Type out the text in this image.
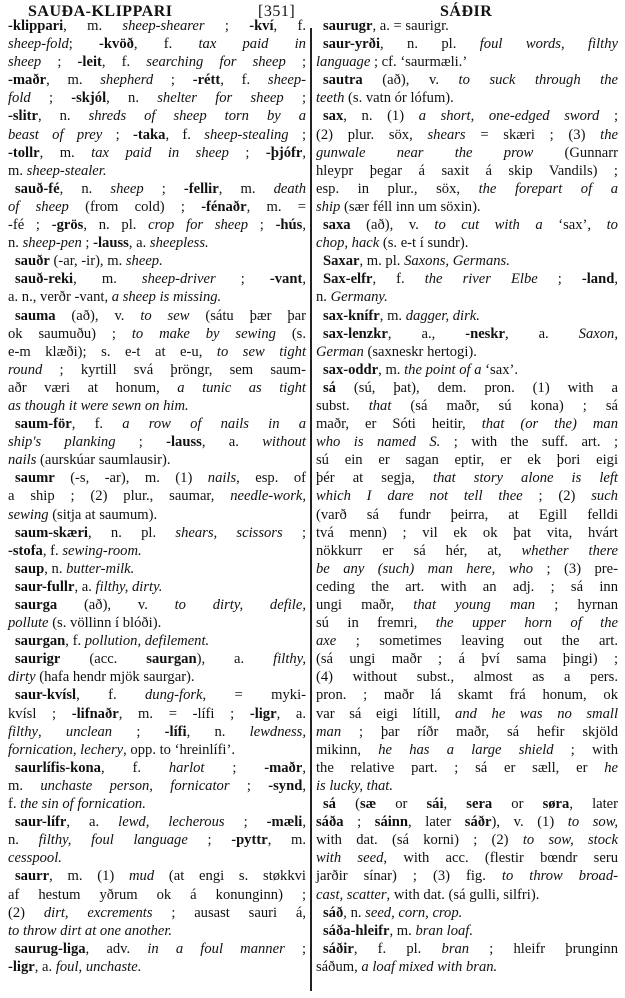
SAUÐA-KLIPPARI	[351]	SÁÐIR
-klippari, m. sheep-shearer ; -kví, f.
sheep-fold; -kvöð, f. tax paid in
sheep ; -leit, f. searching for sheep ;
-maðr, m. shepherd ; -rétt, f. sheep-
fold ; -skjól, n. shelter for sheep ;
-slitr, n. shreds of sheep torn by a
beast of prey ; -taka, f. sheep-stealing ;
-tollr, m. tax paid in sheep ; -þjófr,
m. sheep-stealer.
sauð-fé, n. sheep ; -fellir, m. death
of sheep (from cold) ; -fénaðr, m. =
-fé ; -grös, n. pl. crop for sheep ; -hús,
n. sheep-pen ; -lauss, a. sheepless.
sauðr (-ar, -ir), m. sheep.
sauð-reki, m. sheep-driver ; -vant,
a. n., verðr -vant, a sheep is missing.
sauma (að), v. to sew (sátu þær þar
ok saumuðu) ; to make by sewing (s.
e-m klæði); s. e-t at e-u, to sew tight
round ; kyrtill svá þröngr, sem saum-
aðr væri at honum, a tunic as tight
as though it were sewn on him.
saum-för, f. a row of nails in a
ship's planking ; -lauss, a. without
nails (aurskúar saumlausir).
saumr (-s, -ar), m. (1) nails, esp. of
a ship ; (2) plur., saumar, needle-work,
sewing (sitja at saumum).
saum-skæri, n. pl. shears, scissors ;
-stofa, f. sewing-room.
saup, n. butter-milk.
saur-fullr, a. filthy, dirty.
saurga (að), v. to dirty, defile,
pollute (s. völlinn í blóði).
saurgan, f. pollution, defilement.
saurigr (acc. saurgan), a. filthy,
dirty (hafa hendr mjök saurgar).
saur-kvísl, f. dung-fork, = myki-
kvísl ; -lifnaðr, m. = -lífi ; -ligr, a.
filthy, unclean ; -lífi, n. lewdness,
fornication, lechery, opp. to ‘hreinlífi’.
saurlífis-kona, f. harlot ; -maðr,
m. unchaste person, fornicator ; -synd,
f. the sin of fornication.
saur-lífr, a. lewd, lecherous ; -mæli,
n. filthy, foul language ; -pyttr, m.
cesspool.
saurr, m. (1) mud (at engi s. støkkvi
af hestum yðrum ok á konunginn) ;
(2) dirt, excrements ; ausast sauri á,
to throw dirt at one another.
saurug-liga, adv. in a foul manner ;
-ligr, a. foul, unchaste.
saurugr, a. = saurigr.
saur-yrði, n. pl. foul words, filthy
language ; cf. ‘saurmæli.’
sautra (að), v. to suck through the
teeth (s. vatn ór lófum).
sax, n. (1) a short, one-edged sword ;
(2) plur. söx, shears = skæri ; (3) the
gunwale near the prow (Gunnarr
hleypr þegar á saxit á skip Vandils) ;
esp. in plur., söx, the forepart of a
ship (sær féll inn um söxin).
saxa (að), v. to cut with a ‘sax’, to
chop, hack (s. e-t í sundr).
Saxar, m. pl. Saxons, Germans.
Sax-elfr, f. the river Elbe ; -land,
n. Germany.
sax-knífr, m. dagger, dirk.
sax-lenzkr, a., -neskr, a. Saxon,
German (saxneskr hertogi).
sax-oddr, m. the point of a ‘sax’.
sá (sú, þat), dem. pron. (1) with a
subst. that (sá maðr, sú kona) ; sá
maðr, er Sóti heitir, that (or the) man
who is named S. ; with the suff. art. ;
sú ein er sagan eptir, er ek þori eigi
þér at segja, that story alone is left
which I dare not tell thee ; (2) such
(varð sá fundr þeirra, at Egill felldi
tvá menn) ; vil ek ok þat vita, hvárt
nökkurr er sá hér, at, whether there
be any (such) man here, who ; (3) pre-
ceding the art. with an adj. ; sá inn
ungi maðr, that young man ; hyrnan
sú in fremri, the upper horn of the
axe ; sometimes leaving out the art.
(sá ungi maðr ; á því sama þingi) ;
(4) without subst., almost as a pers.
pron. ; maðr lá skamt frá honum, ok
var sá eigi lítill, and he was no small
man ; þar ríðr maðr, sá hefir skjöld
mikinn, he has a large shield ; with
the relative part. ; sá er sæll, er he
is lucky, that.
sá (sæ or sái, sera or søra, later
sáða ; sáinn, later sáðr), v. (1) to sow,
with dat. (sá korni) ; (2) to sow, stock
with seed, with acc. (flestir bœndr seru
jarðir sínar) ; (3) fig. to throw broad-
cast, scatter, with dat. (sá gulli, silfri).
sáð, n. seed, corn, crop.
sáða-hleifr, m. bran loaf.
sáðir, f. pl. bran ; hleifr þrunginn
sáðum, a loaf mixed with bran.
